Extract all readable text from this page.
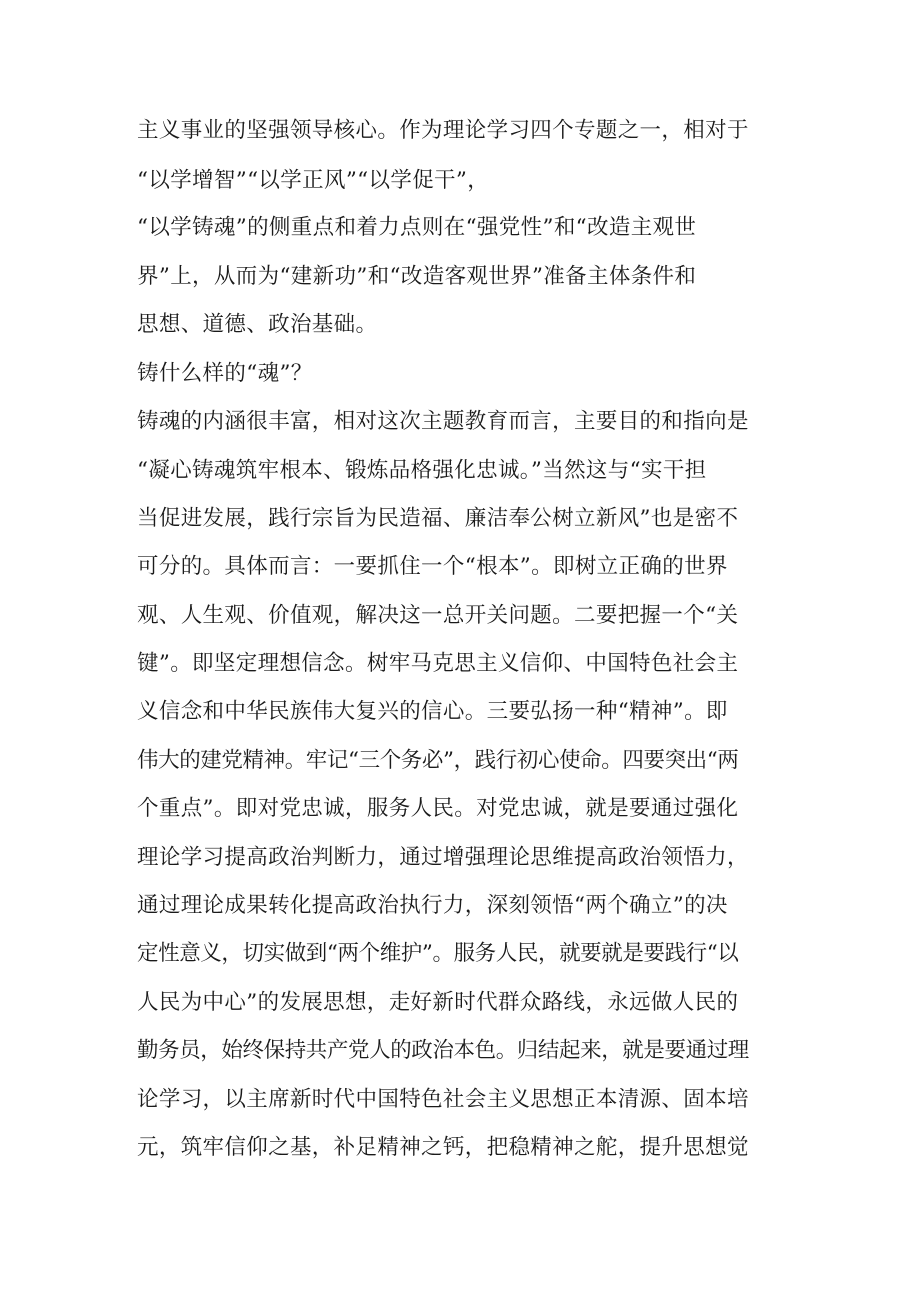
主义事业的坚强领导核心。作为理论学习四个专题之一，相对于
“以学增智”“以学正风”“以学促干”，
“以学铸魂”的侧重点和着力点则在“强党性”和“改造主观世
界”上，从而为“建新功”和“改造客观世界”准备主体条件和
思想、道德、政治基础。
铸什么样的“魂”？
铸魂的内涵很丰富，相对这次主题教育而言，主要目的和指向是
“凝心铸魂筑牢根本、锻炼品格强化忠诚。”当然这与“实干担
当促进发展，践行宗旨为民造福、廉洁奉公树立新风”也是密不
可分的。具体而言：一要抓住一个“根本”。即树立正确的世界
观、人生观、价值观，解决这一总开关问题。二要把握一个“关
键”。即坚定理想信念。树牢马克思主义信仰、中国特色社会主
义信念和中华民族伟大复兴的信心。三要弘扬一种“精神”。即
伟大的建党精神。牢记“三个务必”，践行初心使命。四要突出“两
个重点”。即对党忠诚，服务人民。对党忠诚，就是要通过强化
理论学习提高政治判断力，通过增强理论思维提高政治领悟力，
通过理论成果转化提高政治执行力，深刻领悟“两个确立”的决
定性意义，切实做到“两个维护”。服务人民，就要就是要践行“以
人民为中心”的发展思想，走好新时代群众路线，永远做人民的
勤务员，始终保持共产党人的政治本色。归结起来，就是要通过理
论学习，以主席新时代中国特色社会主义思想正本清源、固本培
元，筑牢信仰之基，补足精神之钙，把稳精神之舵，提升思想觉
